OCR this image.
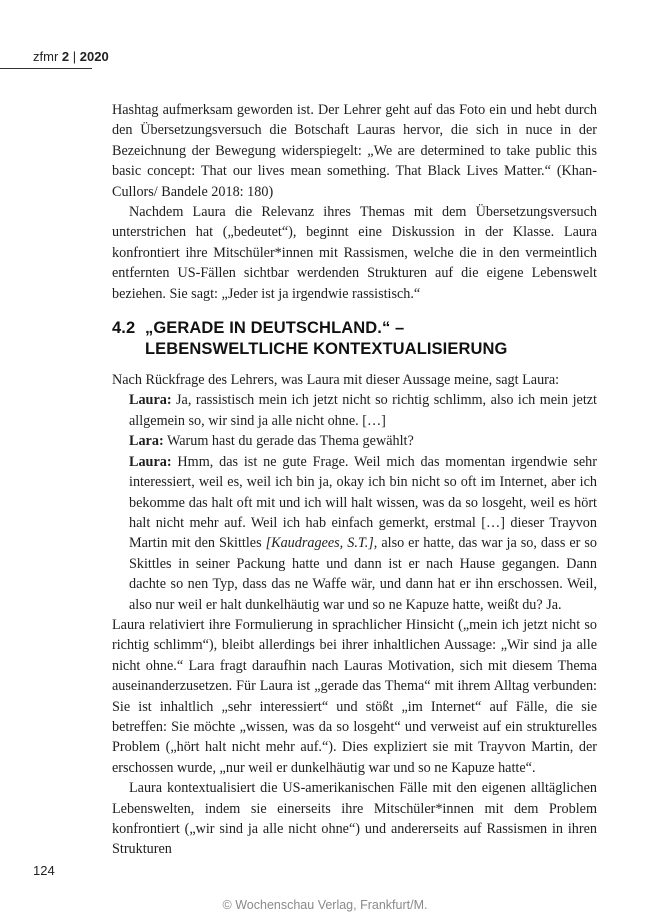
zfmr 2 | 2020

Hashtag aufmerksam geworden ist. Der Lehrer geht auf das Foto ein und hebt durch den Übersetzungsversuch die Botschaft Lauras hervor, die sich in nuce in der Bezeichnung der Bewegung widerspiegelt: „We are determined to take public this basic concept: That our lives mean something. That Black Lives Matter.“ (Khan-Cullors/ Bandele 2018: 180)

Nachdem Laura die Relevanz ihres Themas mit dem Übersetzungsversuch unterstrichen hat („bedeutet“), beginnt eine Diskussion in der Klasse. Laura konfrontiert ihre Mitschüler*innen mit Rassismen, welche die in den vermeintlich entfernten US-Fällen sichtbar werdenden Strukturen auf die eigene Lebenswelt beziehen. Sie sagt: „Jeder ist ja irgendwie rassistisch.“

4.2 „GERADE IN DEUTSCHLAND.“ –
LEBENSWELTLICHE KONTEXTUALISIERUNG

Nach Rückfrage des Lehrers, was Laura mit dieser Aussage meine, sagt Laura:

Laura: Ja, rassistisch mein ich jetzt nicht so richtig schlimm, also ich mein jetzt allgemein so, wir sind ja alle nicht ohne. […]

Lara: Warum hast du gerade das Thema gewählt?

Laura: Hmm, das ist ne gute Frage. Weil mich das momentan irgendwie sehr interessiert, weil es, weil ich bin ja, okay ich bin nicht so oft im Internet, aber ich bekomme das halt oft mit und ich will halt wissen, was da so losgeht, weil es hört halt nicht mehr auf. Weil ich hab einfach gemerkt, erstmal […] dieser Trayvon Martin mit den Skittles [Kaudragees, S.T.], also er hatte, das war ja so, dass er so Skittles in seiner Packung hatte und dann ist er nach Hause gegangen. Dann dachte so nen Typ, dass das ne Waffe wär, und dann hat er ihn erschossen. Weil, also nur weil er halt dunkelhäutig war und so ne Kapuze hatte, weißt du? Ja.

Laura relativiert ihre Formulierung in sprachlicher Hinsicht („mein ich jetzt nicht so richtig schlimm“), bleibt allerdings bei ihrer inhaltlichen Aussage: „Wir sind ja alle nicht ohne.“ Lara fragt daraufhin nach Lauras Motivation, sich mit diesem Thema auseinanderzusetzen. Für Laura ist „gerade das Thema“ mit ihrem Alltag verbunden: Sie ist inhaltlich „sehr interessiert“ und stößt „im Internet“ auf Fälle, die sie betreffen: Sie möchte „wissen, was da so losgeht“ und verweist auf ein strukturelles Problem („hört halt nicht mehr auf.“). Dies expliziert sie mit Trayvon Martin, der erschossen wurde, „nur weil er dunkelhäutig war und so ne Kapuze hatte“.

Laura kontextualisiert die US-amerikanischen Fälle mit den eigenen alltäglichen Lebenswelten, indem sie einerseits ihre Mitschüler*innen mit dem Problem konfrontiert („wir sind ja alle nicht ohne“) und andererseits auf Rassismen in ihren Strukturen

124
© Wochenschau Verlag, Frankfurt/M.
